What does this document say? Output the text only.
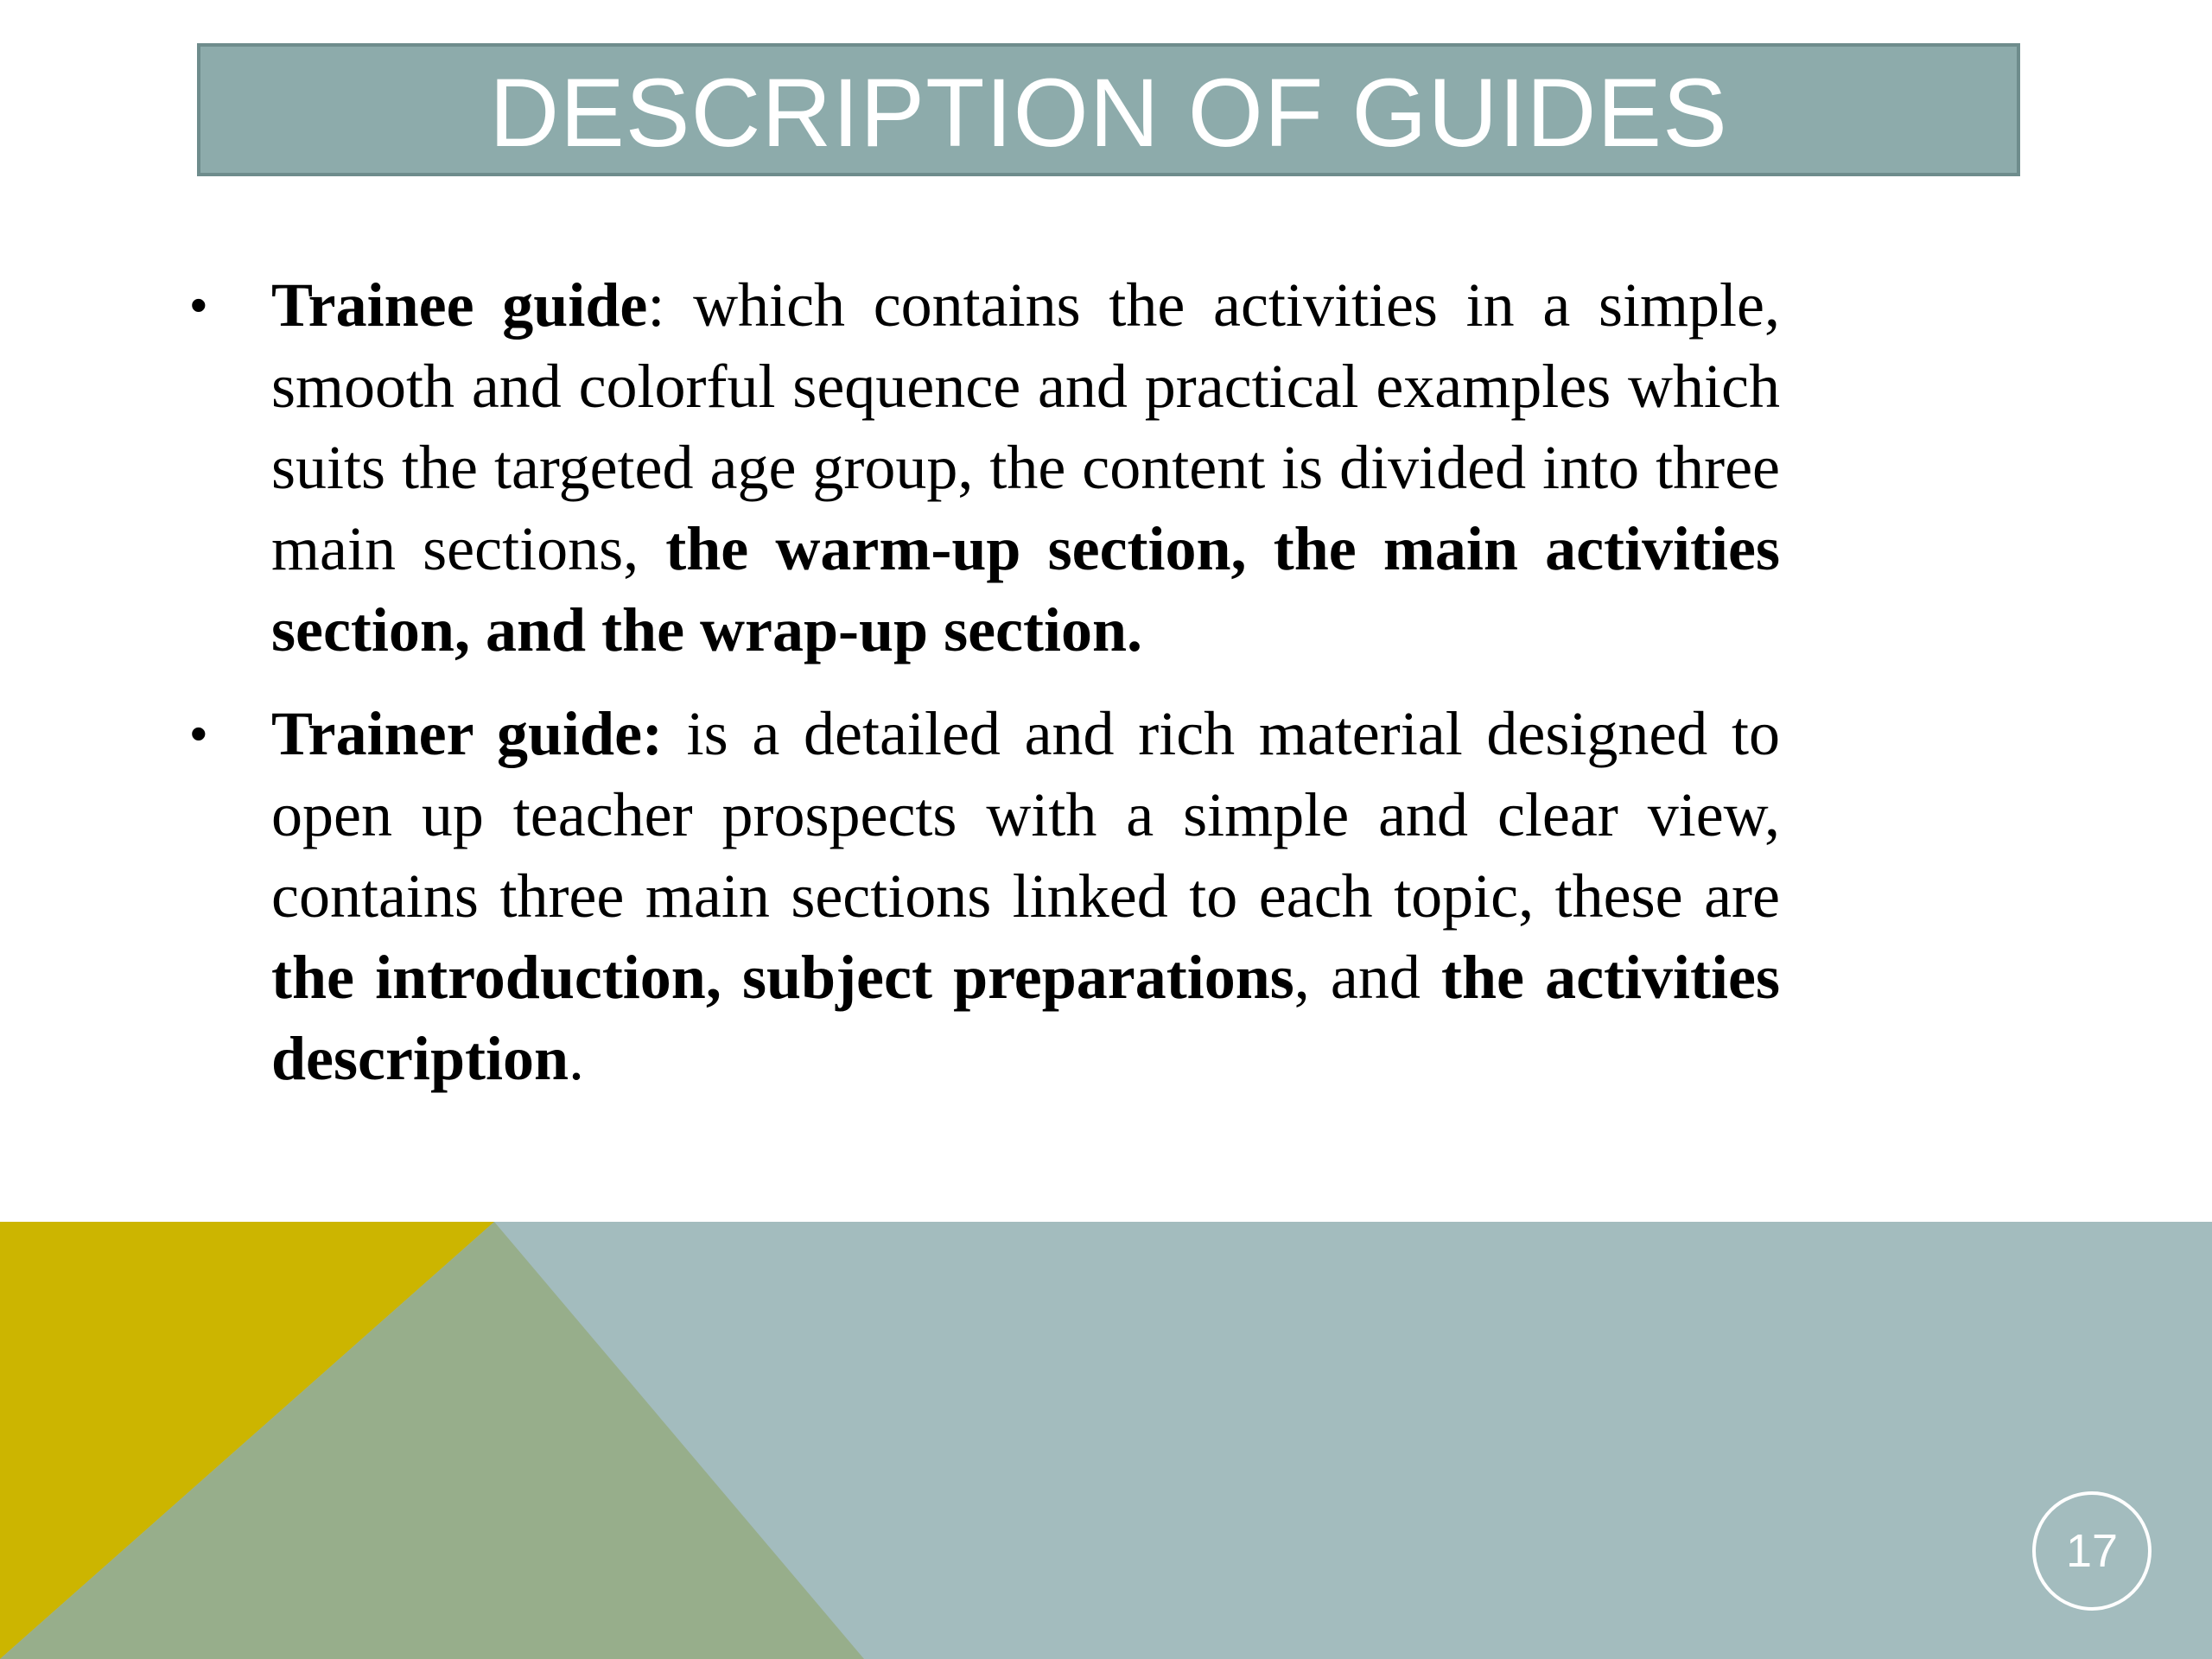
DESCRIPTION OF GUIDES
• Trainee guide: which contains the activities in a simple, smooth and colorful sequence and practical examples which suits the targeted age group, the content is divided into three main sections, the warm-up section, the main activities section, and the wrap-up section.
• Trainer guide: is a detailed and rich material designed to open up teacher prospects with a simple and clear view, contains three main sections linked to each topic, these are the introduction, subject preparations, and the activities description.
17
